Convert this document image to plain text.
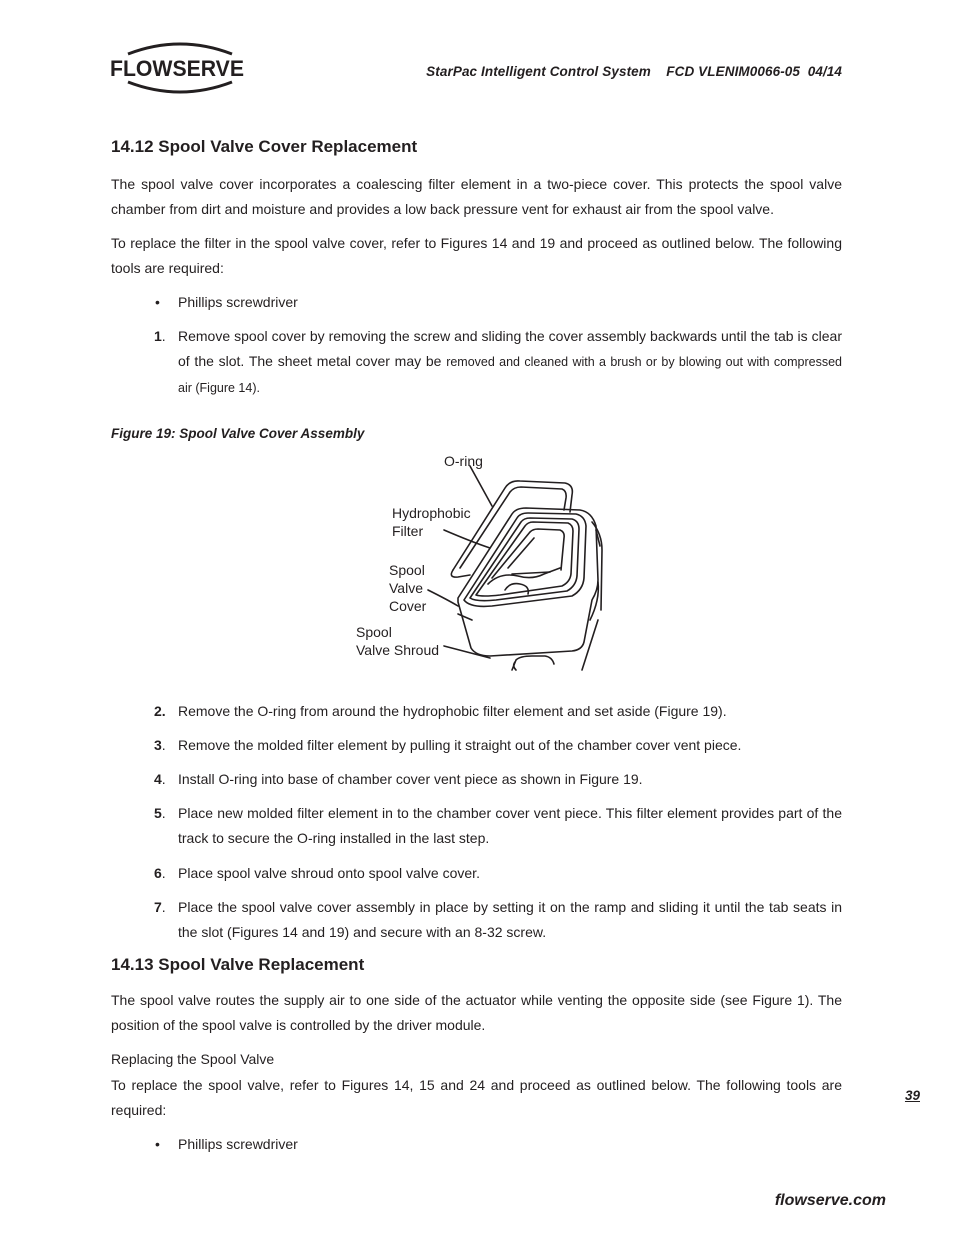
FLOWSERVE	StarPac Intelligent Control System    FCD VLENIM0066-05  04/14
14.12 Spool Valve Cover Replacement
The spool valve cover incorporates a coalescing filter element in a two-piece cover. This protects the spool valve chamber from dirt and moisture and provides a low back pressure vent for exhaust air from the spool valve.
To replace the filter in the spool valve cover, refer to Figures 14 and 19 and proceed as outlined below. The following tools are required:
• Phillips screwdriver
1. Remove spool cover by removing the screw and sliding the cover assembly backwards until the tab is clear of the slot. The sheet metal cover may be removed and cleaned with a brush or by blowing out with compressed air (Figure 14).
Figure 19: Spool Valve Cover Assembly
O-ring
Hydrophobic
Filter
Spool
Valve
Cover
Spool
Valve Shroud
2. Remove the O-ring from around the hydrophobic filter element and set aside (Figure 19).
3. Remove the molded filter element by pulling it straight out of the chamber cover vent piece.
4. Install O-ring into base of chamber cover vent piece as shown in Figure 19.
5. Place new molded filter element in to the chamber cover vent piece. This filter element provides part of the track to secure the O-ring installed in the last step.
6. Place spool valve shroud onto spool valve cover.
7. Place the spool valve cover assembly in place by setting it on the ramp and sliding it until the tab seats in the slot (Figures 14 and 19) and secure with an 8-32 screw.
14.13 Spool Valve Replacement
The spool valve routes the supply air to one side of the actuator while venting the opposite side (see Figure 1). The position of the spool valve is controlled by the driver module.
Replacing the Spool Valve
To replace the spool valve, refer to Figures 14, 15 and 24 and proceed as outlined below. The following tools are required:
• Phillips screwdriver
39
flowserve.com
